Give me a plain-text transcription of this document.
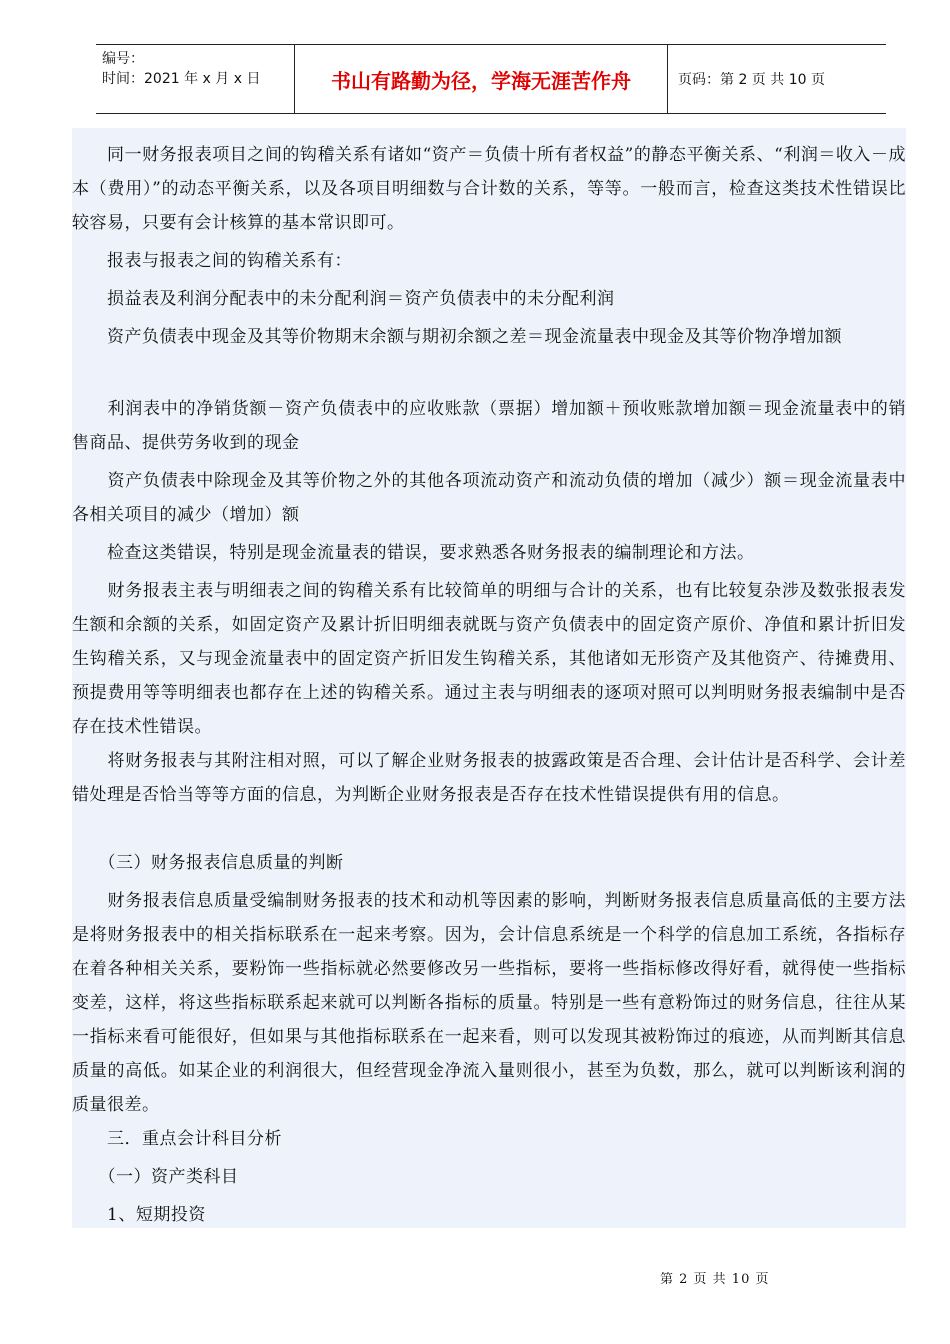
编号：
时间：2021 年 x 月 x 日	书山有路勤为径，学海无涯苦作舟	页码：第 2 页 共 10 页
　　同一财务报表项目之间的钩稽关系有诸如“资产＝负债十所有者权益”的静态平衡关系、“利润＝收入－成本（费用）”的动态平衡关系，以及各项目明细数与合计数的关系，等等。一般而言，检查这类技术性错误比较容易，只要有会计核算的基本常识即可。
　　报表与报表之间的钩稽关系有：
　　损益表及利润分配表中的未分配利润＝资产负债表中的未分配利润
　　资产负债表中现金及其等价物期末余额与期初余额之差＝现金流量表中现金及其等价物净增加额
　　利润表中的净销货额－资产负债表中的应收账款（票据）增加额＋预收账款增加额＝现金流量表中的销售商品、提供劳务收到的现金
　　资产负债表中除现金及其等价物之外的其他各项流动资产和流动负债的增加（减少）额＝现金流量表中各相关项目的减少（增加）额
　　检查这类错误，特别是现金流量表的错误，要求熟悉各财务报表的编制理论和方法。
　　财务报表主表与明细表之间的钩稽关系有比较简单的明细与合计的关系，也有比较复杂涉及数张报表发生额和余额的关系，如固定资产及累计折旧明细表就既与资产负债表中的固定资产原价、净值和累计折旧发生钩稽关系，又与现金流量表中的固定资产折旧发生钩稽关系，其他诸如无形资产及其他资产、待摊费用、预提费用等等明细表也都存在上述的钩稽关系。通过主表与明细表的逐项对照可以判明财务报表编制中是否存在技术性错误。
　　将财务报表与其附注相对照，可以了解企业财务报表的披露政策是否合理、会计估计是否科学、会计差错处理是否恰当等等方面的信息，为判断企业财务报表是否存在技术性错误提供有用的信息。
　　（三）财务报表信息质量的判断
　　财务报表信息质量受编制财务报表的技术和动机等因素的影响，判断财务报表信息质量高低的主要方法是将财务报表中的相关指标联系在一起来考察。因为，会计信息系统是一个科学的信息加工系统，各指标存在着各种相关关系，要粉饰一些指标就必然要修改另一些指标，要将一些指标修改得好看，就得使一些指标变差，这样，将这些指标联系起来就可以判断各指标的质量。特别是一些有意粉饰过的财务信息，往往从某一指标来看可能很好，但如果与其他指标联系在一起来看，则可以发现其被粉饰过的痕迹，从而判断其信息质量的高低。如某企业的利润很大，但经营现金净流入量则很小，甚至为负数，那么，就可以判断该利润的质量很差。
　　三．重点会计科目分析
　　（一）资产类科目
　　1、短期投资
第 2 页 共 10 页
